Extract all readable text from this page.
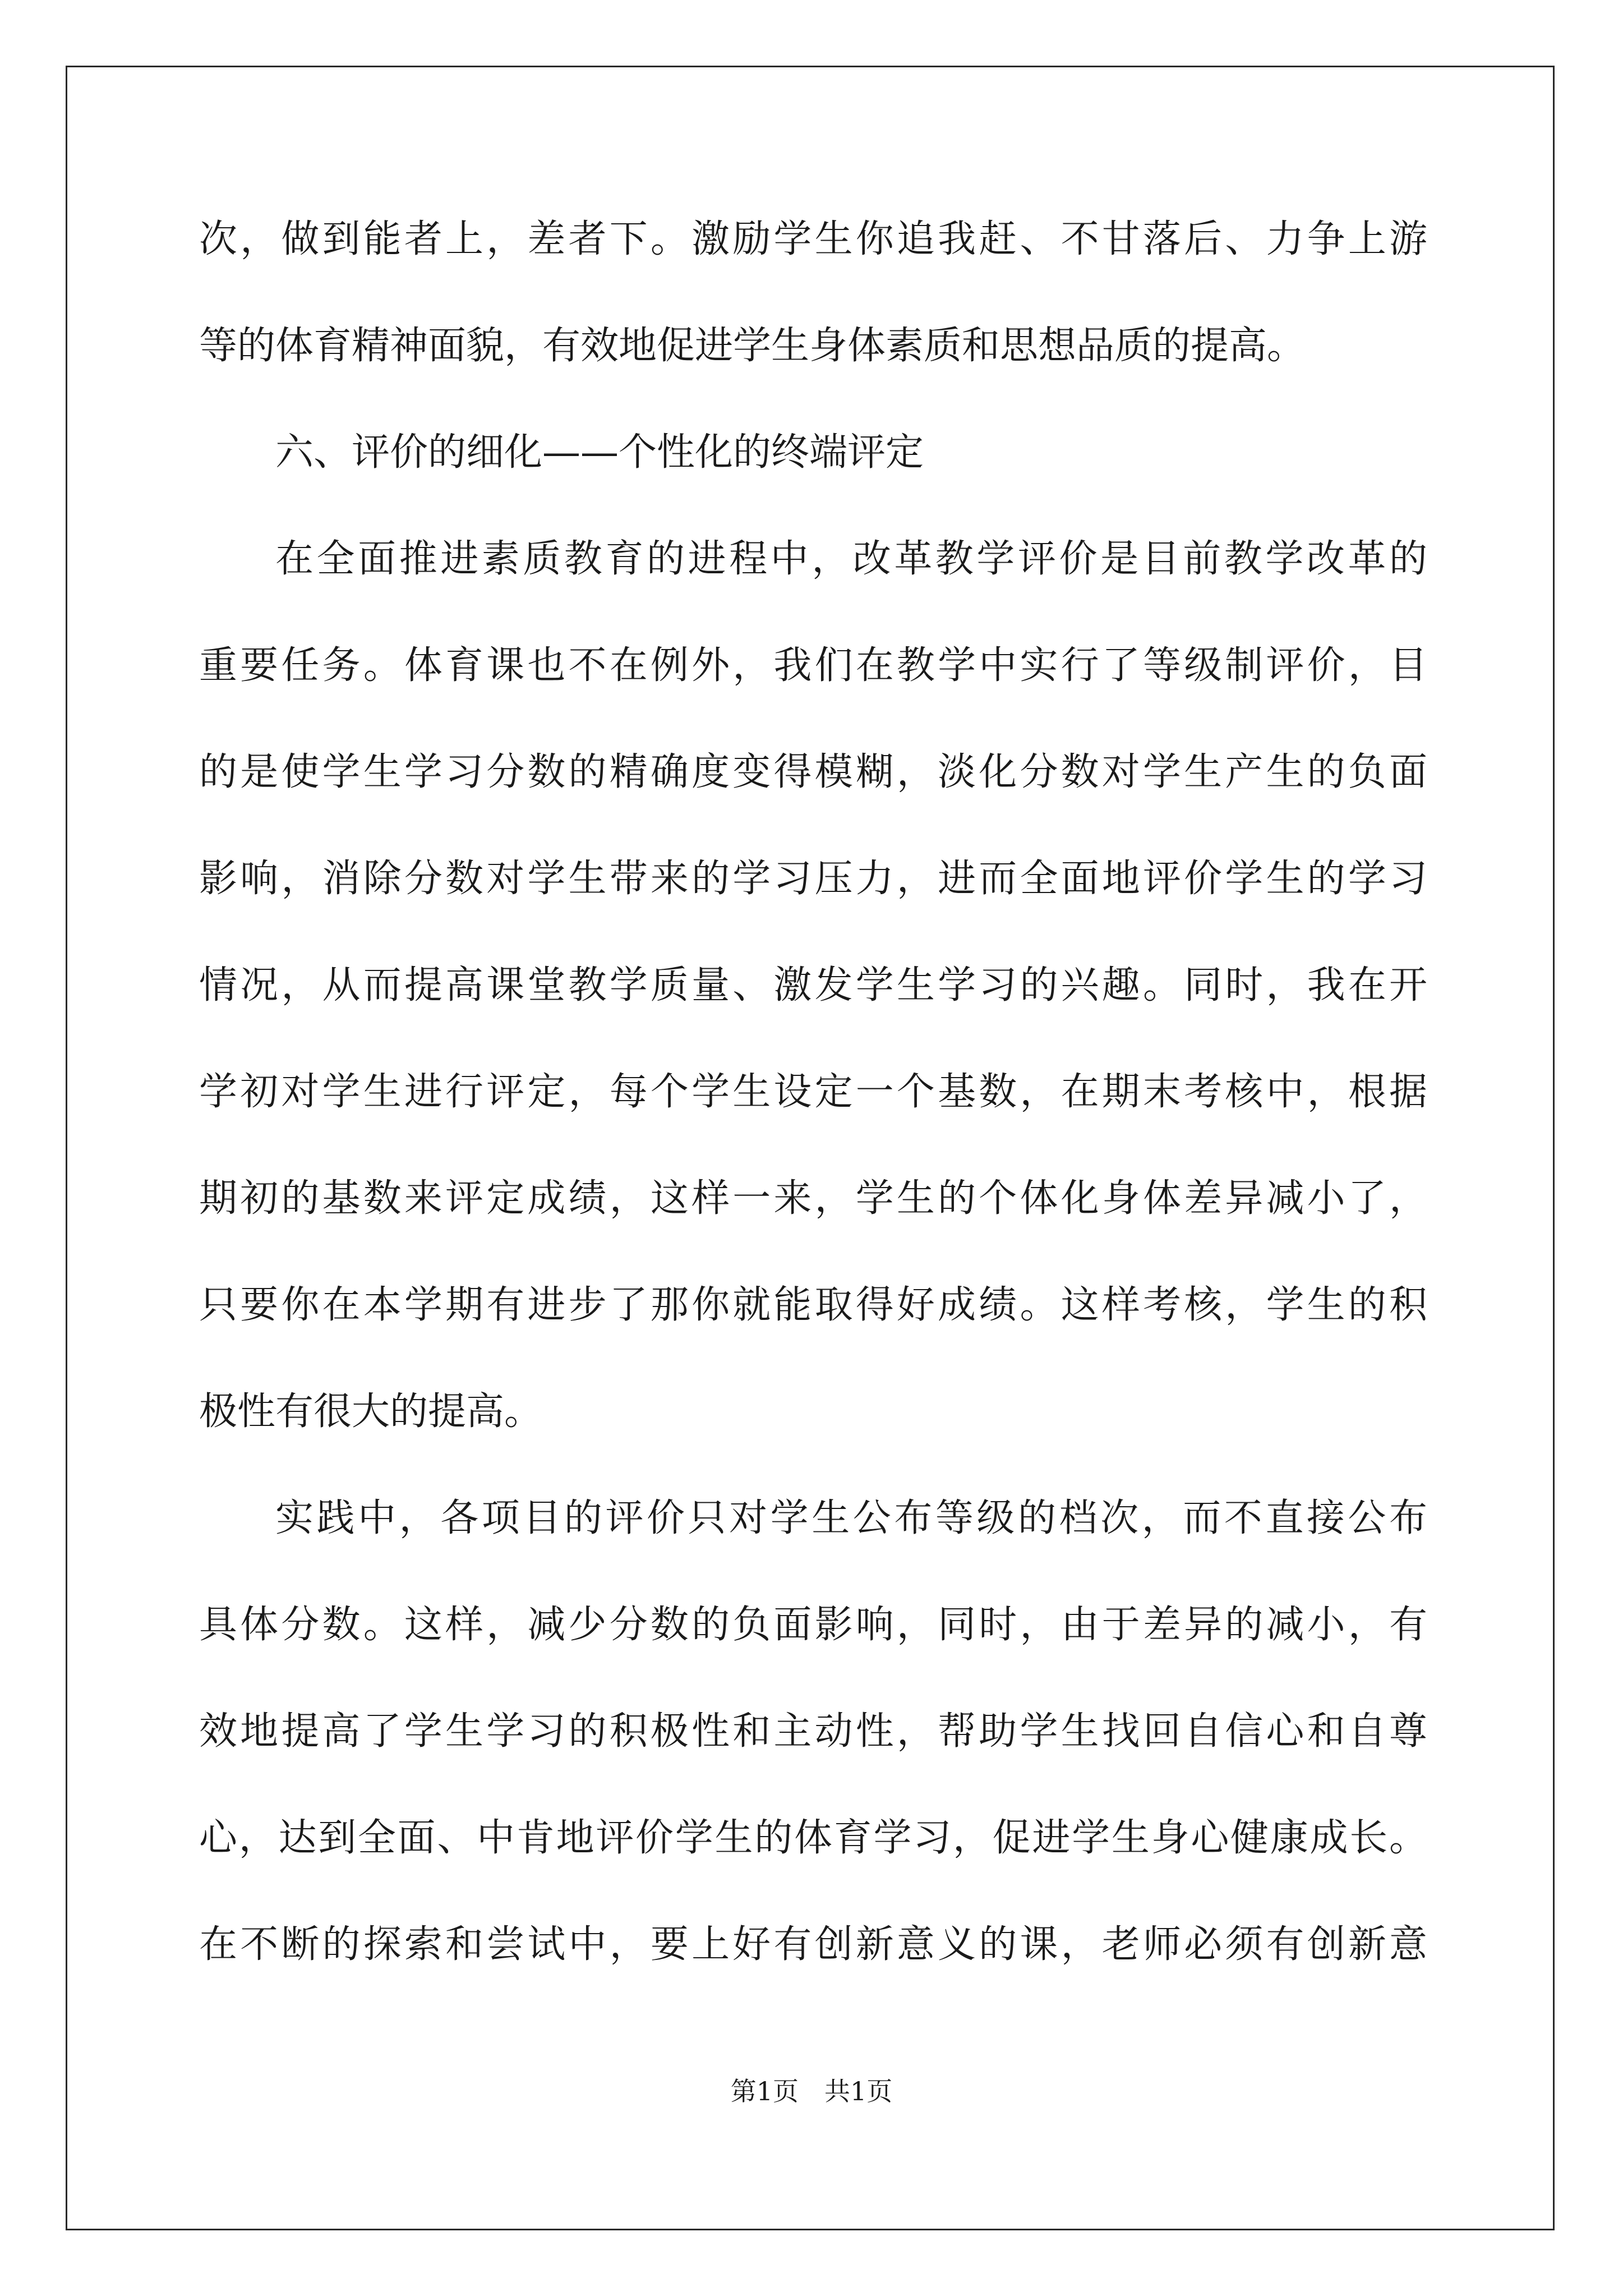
次，做到能者上，差者下。激励学生你追我赶、不甘落后、力争上游
等的体育精神面貌，有效地促进学生身体素质和思想品质的提高。
六、评价的细化——个性化的终端评定
在全面推进素质教育的进程中，改革教学评价是目前教学改革的
重要任务。体育课也不在例外，我们在教学中实行了等级制评价，目
的是使学生学习分数的精确度变得模糊，淡化分数对学生产生的负面
影响，消除分数对学生带来的学习压力，进而全面地评价学生的学习
情况，从而提高课堂教学质量、激发学生学习的兴趣。同时，我在开
学初对学生进行评定，每个学生设定一个基数，在期末考核中，根据
期初的基数来评定成绩，这样一来，学生的个体化身体差异减小了，
只要你在本学期有进步了那你就能取得好成绩。这样考核，学生的积
极性有很大的提高。
实践中，各项目的评价只对学生公布等级的档次，而不直接公布
具体分数。这样，减少分数的负面影响，同时，由于差异的减小，有
效地提高了学生学习的积极性和主动性，帮助学生找回自信心和自尊
心，达到全面、中肯地评价学生的体育学习，促进学生身心健康成长。
在不断的探索和尝试中，要上好有创新意义的课，老师必须有创新意
第1页　共1页
